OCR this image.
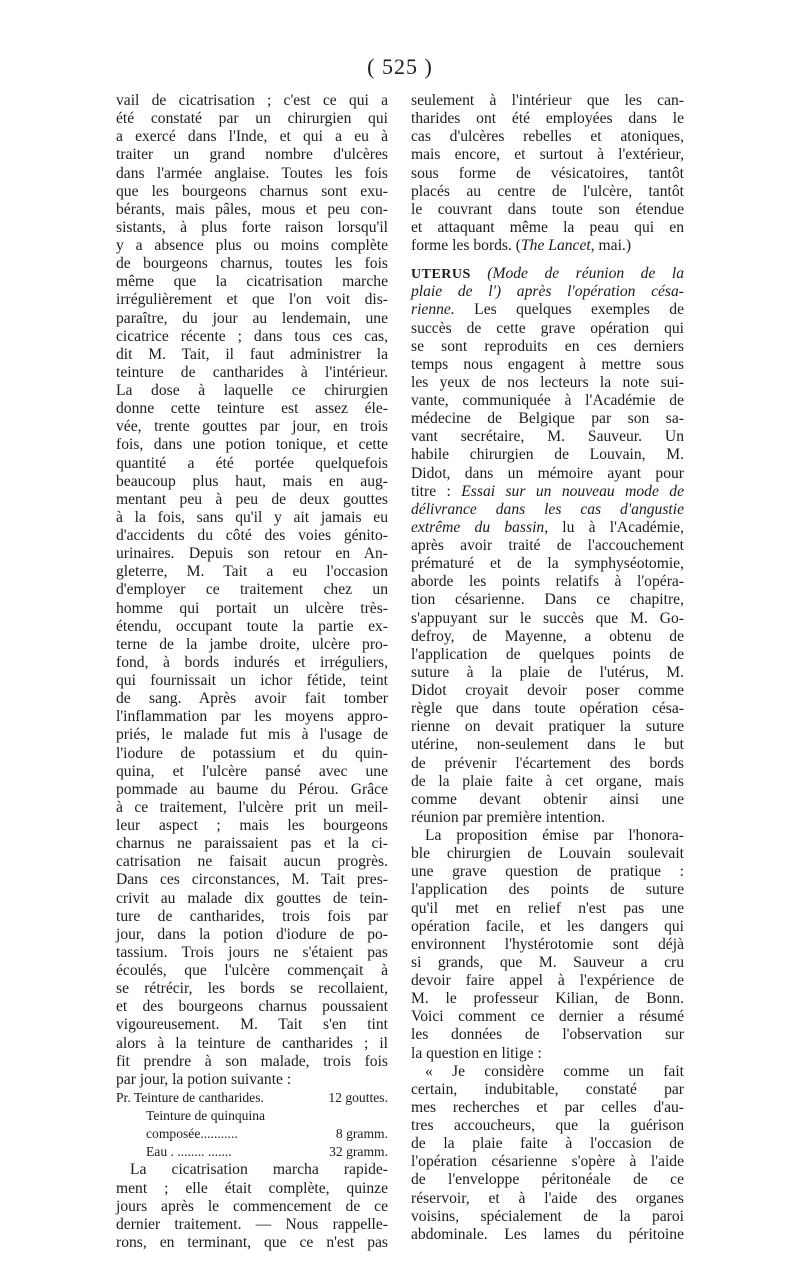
( 525 )
vail de cicatrisation ; c'est ce qui a
été constaté par un chirurgien qui
a exercé dans l'Inde, et qui a eu à
traiter un grand nombre d'ulcères
dans l'armée anglaise. Toutes les fois
que les bourgeons charnus sont exu-
bérants, mais pâles, mous et peu con-
sistants, à plus forte raison lorsqu'il
y a absence plus ou moins complète
de bourgeons charnus, toutes les fois
même que la cicatrisation marche
irrégulièrement et que l'on voit dis-
paraître, du jour au lendemain, une
cicatrice récente ; dans tous ces cas,
dit M. Tait, il faut administrer la
teinture de cantharides à l'intérieur.
La dose à laquelle ce chirurgien
donne cette teinture est assez éle-
vée, trente gouttes par jour, en trois
fois, dans une potion tonique, et cette
quantité a été portée quelquefois
beaucoup plus haut, mais en aug-
mentant peu à peu de deux gouttes
à la fois, sans qu'il y ait jamais eu
d'accidents du côté des voies génito-
urinaires. Depuis son retour en An-
gleterre, M. Tait a eu l'occasion
d'employer ce traitement chez un
homme qui portait un ulcère très-
étendu, occupant toute la partie ex-
terne de la jambe droite, ulcère pro-
fond, à bords indurés et irréguliers,
qui fournissait un ichor fétide, teint
de sang. Après avoir fait tomber
l'inflammation par les moyens appro-
priés, le malade fut mis à l'usage de
l'iodure de potassium et du quin-
quina, et l'ulcère pansé avec une
pommade au baume du Pérou. Grâce
à ce traitement, l'ulcère prit un meil-
leur aspect ; mais les bourgeons
charnus ne paraissaient pas et la ci-
catrisation ne faisait aucun progrès.
Dans ces circonstances, M. Tait pres-
crivit au malade dix gouttes de tein-
ture de cantharides, trois fois par
jour, dans la potion d'iodure de po-
tassium. Trois jours ne s'étaient pas
écoulés, que l'ulcère commençait à
se rétrécir, les bords se recollaient,
et des bourgeons charnus poussaient
vigoureusement. M. Tait s'en tint
alors à la teinture de cantharides ; il
fit prendre à son malade, trois fois
par jour, la potion suivante :
Pr. Teinture de cantharides.	12 gouttes.
Teinture de quinquina
composée...........	8 gramm.
Eau . ........ .......	32 gramm.
La cicatrisation marcha rapide-
ment ; elle était complète, quinze
jours après le commencement de ce
dernier traitement. — Nous rappelle-
rons, en terminant, que ce n'est pas
seulement à l'intérieur que les can-
tharides ont été employées dans le
cas d'ulcères rebelles et atoniques,
mais encore, et surtout à l'extérieur,
sous forme de vésicatoires, tantôt
placés au centre de l'ulcère, tantôt
le couvrant dans toute son étendue
et attaquant même la peau qui en
forme les bords. (The Lancet, mai.)
UTERUS (Mode de réunion de la
plaie de l') après l'opération césa-
rienne. Les quelques exemples de
succès de cette grave opération qui
se sont reproduits en ces derniers
temps nous engagent à mettre sous
les yeux de nos lecteurs la note sui-
vante, communiquée à l'Académie de
médecine de Belgique par son sa-
vant secrétaire, M. Sauveur. Un
habile chirurgien de Louvain, M.
Didot, dans un mémoire ayant pour
titre : Essai sur un nouveau mode de
délivrance dans les cas d'angustie
extrême du bassin, lu à l'Académie,
après avoir traité de l'accouchement
prématuré et de la symphyséotomie,
aborde les points relatifs à l'opéra-
tion césarienne. Dans ce chapitre,
s'appuyant sur le succès que M. Go-
defroy, de Mayenne, a obtenu de
l'application de quelques points de
suture à la plaie de l'utérus, M.
Didot croyait devoir poser comme
règle que dans toute opération césa-
rienne on devait pratiquer la suture
utérine, non-seulement dans le but
de prévenir l'écartement des bords
de la plaie faite à cet organe, mais
comme devant obtenir ainsi une
réunion par première intention.
La proposition émise par l'honora-
ble chirurgien de Louvain soulevait
une grave question de pratique :
l'application des points de suture
qu'il met en relief n'est pas une
opération facile, et les dangers qui
environnent l'hystérotomie sont déjà
si grands, que M. Sauveur a cru
devoir faire appel à l'expérience de
M. le professeur Kilian, de Bonn.
Voici comment ce dernier a résumé
les données de l'observation sur
la question en litige :
« Je considère comme un fait
certain, indubitable, constaté par
mes recherches et par celles d'au-
tres accoucheurs, que la guérison
de la plaie faite à l'occasion de
l'opération césarienne s'opère à l'aide
de l'enveloppe péritonéale de ce
réservoir, et à l'aide des organes
voisins, spécialement de la paroi
abdominale. Les lames du péritoine
